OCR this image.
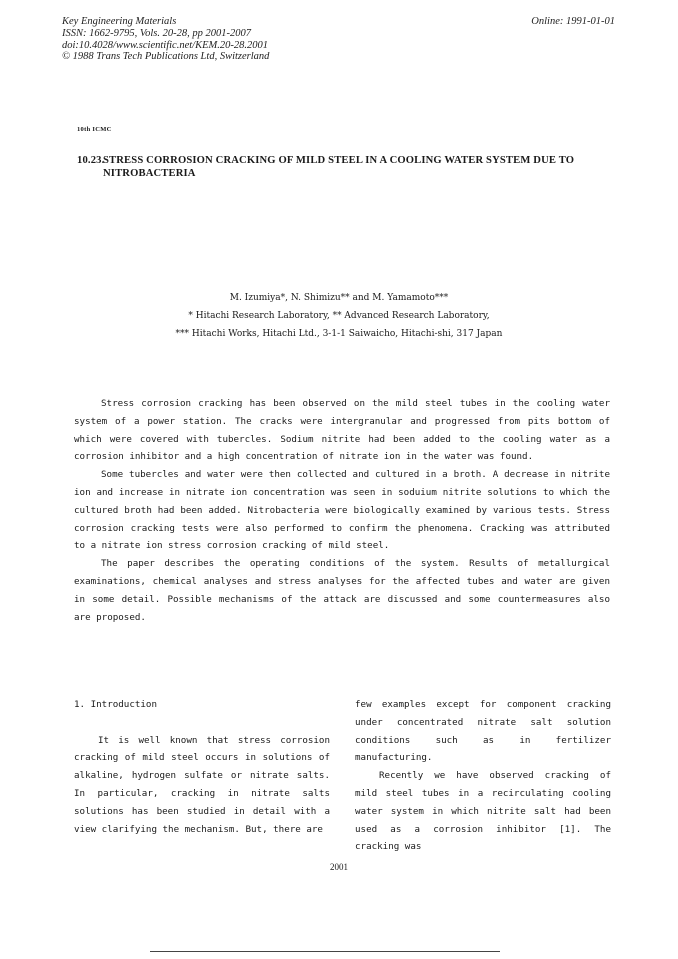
Key Engineering Materials
ISSN: 1662-9795, Vols. 20-28, pp 2001-2007
doi:10.4028/www.scientific.net/KEM.20-28.2001
© 1988 Trans Tech Publications Ltd, Switzerland
Online: 1991-01-01
10th ICMC
10.23.STRESS CORROSION CRACKING OF MILD STEEL IN A COOLING WATER SYSTEM DUE TO
NITROBACTERIA
M. Izumiya*, N. Shimizu** and M. Yamamoto***
* Hitachi Research Laboratory, ** Advanced Research Laboratory,
*** Hitachi Works, Hitachi Ltd., 3-1-1 Saiwaicho, Hitachi-shi, 317 Japan

Stress corrosion cracking has been observed on the mild steel tubes in the cooling water system of a power station. The cracks were intergranular and progressed from pits bottom of which were covered with tubercles. Sodium nitrite had been added to the cooling water as a corrosion inhibitor and a high concentration of nitrate ion in the water was found.

Some tubercles and water were then collected and cultured in a broth. A decrease in nitrite ion and increase in nitrate ion concentration was seen in soduium nitrite solutions to which the cultured broth had been added. Nitrobacteria were biologically examined by various tests. Stress corrosion cracking tests were also performed to confirm the phenomena. Cracking was attributed to a nitrate ion stress corrosion cracking of mild steel.

The paper describes the operating conditions of the system. Results of metallurgical examinations, chemical analyses and stress analyses for the affected tubes and water are given in some detail. Possible mechanisms of the attack are discussed and some countermeasures also are proposed.

1. Introduction

It is well known that stress corrosion cracking of mild steel occurs in solutions of alkaline, hydrogen sulfate or nitrate salts. In particular, cracking in nitrate salts solutions has been studied in detail with a view clarifying the mechanism. But, there are

few examples except for component cracking under concentrated nitrate salt solution conditions such as in fertilizer manufacturing.

Recently we have observed cracking of mild steel tubes in a recirculating cooling water system in which nitrite salt had been used as a corrosion inhibitor [1]. The cracking was

2001
